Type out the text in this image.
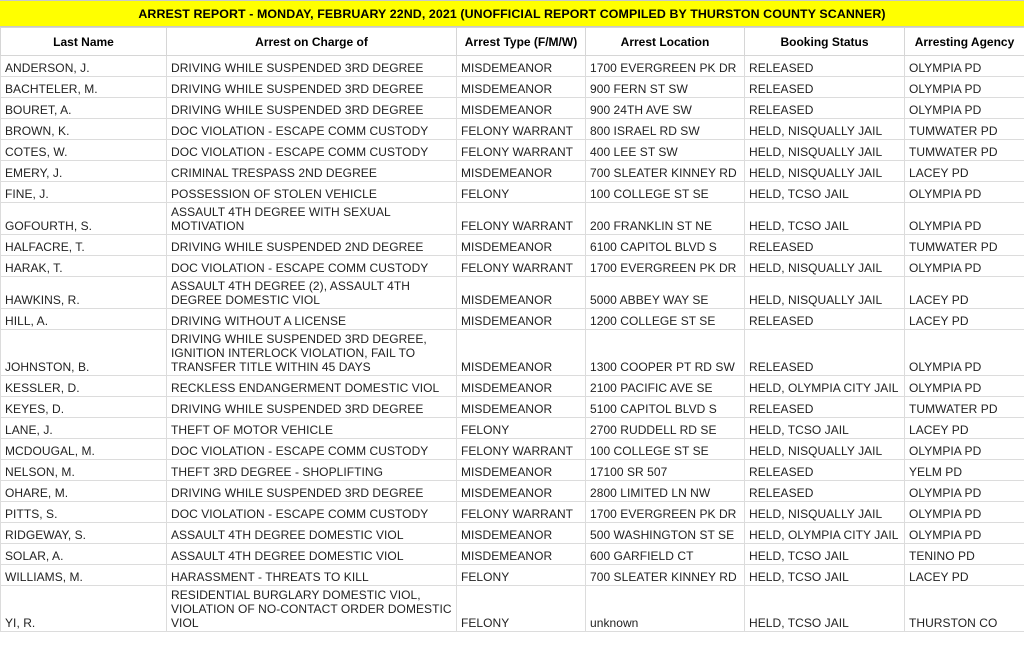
ARREST REPORT - MONDAY, FEBRUARY 22ND, 2021 (UNOFFICIAL REPORT COMPILED BY THURSTON COUNTY SCANNER)
Last Name	Arrest on Charge of	Arrest Type (F/M/W)	Arrest Location	Booking Status	Arresting Agency
ANDERSON, J.	DRIVING WHILE SUSPENDED 3RD DEGREE	MISDEMEANOR	1700 EVERGREEN PK DR	RELEASED	OLYMPIA PD
BACHTELER, M.	DRIVING WHILE SUSPENDED 3RD DEGREE	MISDEMEANOR	900 FERN ST SW	RELEASED	OLYMPIA PD
BOURET, A.	DRIVING WHILE SUSPENDED 3RD DEGREE	MISDEMEANOR	900 24TH AVE SW	RELEASED	OLYMPIA PD
BROWN, K.	DOC VIOLATION - ESCAPE COMM CUSTODY	FELONY WARRANT	800 ISRAEL RD SW	HELD, NISQUALLY JAIL	TUMWATER PD
COTES, W.	DOC VIOLATION - ESCAPE COMM CUSTODY	FELONY WARRANT	400 LEE ST SW	HELD, NISQUALLY JAIL	TUMWATER PD
EMERY, J.	CRIMINAL TRESPASS 2ND DEGREE	MISDEMEANOR	700 SLEATER KINNEY RD	HELD, NISQUALLY JAIL	LACEY PD
FINE, J.	POSSESSION OF STOLEN VEHICLE	FELONY	100 COLLEGE ST SE	HELD, TCSO JAIL	OLYMPIA PD
GOFOURTH, S.	ASSAULT 4TH DEGREE WITH SEXUAL MOTIVATION	FELONY WARRANT	200 FRANKLIN ST NE	HELD, TCSO JAIL	OLYMPIA PD
HALFACRE, T.	DRIVING WHILE SUSPENDED 2ND DEGREE	MISDEMEANOR	6100 CAPITOL BLVD S	RELEASED	TUMWATER PD
HARAK, T.	DOC VIOLATION - ESCAPE COMM CUSTODY	FELONY WARRANT	1700 EVERGREEN PK DR	HELD, NISQUALLY JAIL	OLYMPIA PD
HAWKINS, R.	ASSAULT 4TH DEGREE (2), ASSAULT 4TH DEGREE DOMESTIC VIOL	MISDEMEANOR	5000 ABBEY WAY SE	HELD, NISQUALLY JAIL	LACEY PD
HILL, A.	DRIVING WITHOUT A LICENSE	MISDEMEANOR	1200 COLLEGE ST SE	RELEASED	LACEY PD
JOHNSTON, B.	DRIVING WHILE SUSPENDED 3RD DEGREE, IGNITION INTERLOCK VIOLATION, FAIL TO TRANSFER TITLE WITHIN 45 DAYS	MISDEMEANOR	1300 COOPER PT RD SW	RELEASED	OLYMPIA PD
KESSLER, D.	RECKLESS ENDANGERMENT DOMESTIC VIOL	MISDEMEANOR	2100 PACIFIC AVE SE	HELD, OLYMPIA CITY JAIL	OLYMPIA PD
KEYES, D.	DRIVING WHILE SUSPENDED 3RD DEGREE	MISDEMEANOR	5100 CAPITOL BLVD S	RELEASED	TUMWATER PD
LANE, J.	THEFT OF MOTOR VEHICLE	FELONY	2700 RUDDELL RD SE	HELD, TCSO JAIL	LACEY PD
MCDOUGAL, M.	DOC VIOLATION - ESCAPE COMM CUSTODY	FELONY WARRANT	100 COLLEGE ST SE	HELD, NISQUALLY JAIL	OLYMPIA PD
NELSON, M.	THEFT 3RD DEGREE - SHOPLIFTING	MISDEMEANOR	17100 SR 507	RELEASED	YELM PD
OHARE, M.	DRIVING WHILE SUSPENDED 3RD DEGREE	MISDEMEANOR	2800 LIMITED LN NW	RELEASED	OLYMPIA PD
PITTS, S.	DOC VIOLATION - ESCAPE COMM CUSTODY	FELONY WARRANT	1700 EVERGREEN PK DR	HELD, NISQUALLY JAIL	OLYMPIA PD
RIDGEWAY, S.	ASSAULT 4TH DEGREE DOMESTIC VIOL	MISDEMEANOR	500 WASHINGTON ST SE	HELD, OLYMPIA CITY JAIL	OLYMPIA PD
SOLAR, A.	ASSAULT 4TH DEGREE DOMESTIC VIOL	MISDEMEANOR	600 GARFIELD CT	HELD, TCSO JAIL	TENINO PD
WILLIAMS, M.	HARASSMENT - THREATS TO KILL	FELONY	700 SLEATER KINNEY RD	HELD, TCSO JAIL	LACEY PD
YI, R.	RESIDENTIAL BURGLARY DOMESTIC VIOL, VIOLATION OF NO-CONTACT ORDER DOMESTIC VIOL	FELONY	unknown	HELD, TCSO JAIL	THURSTON CO
